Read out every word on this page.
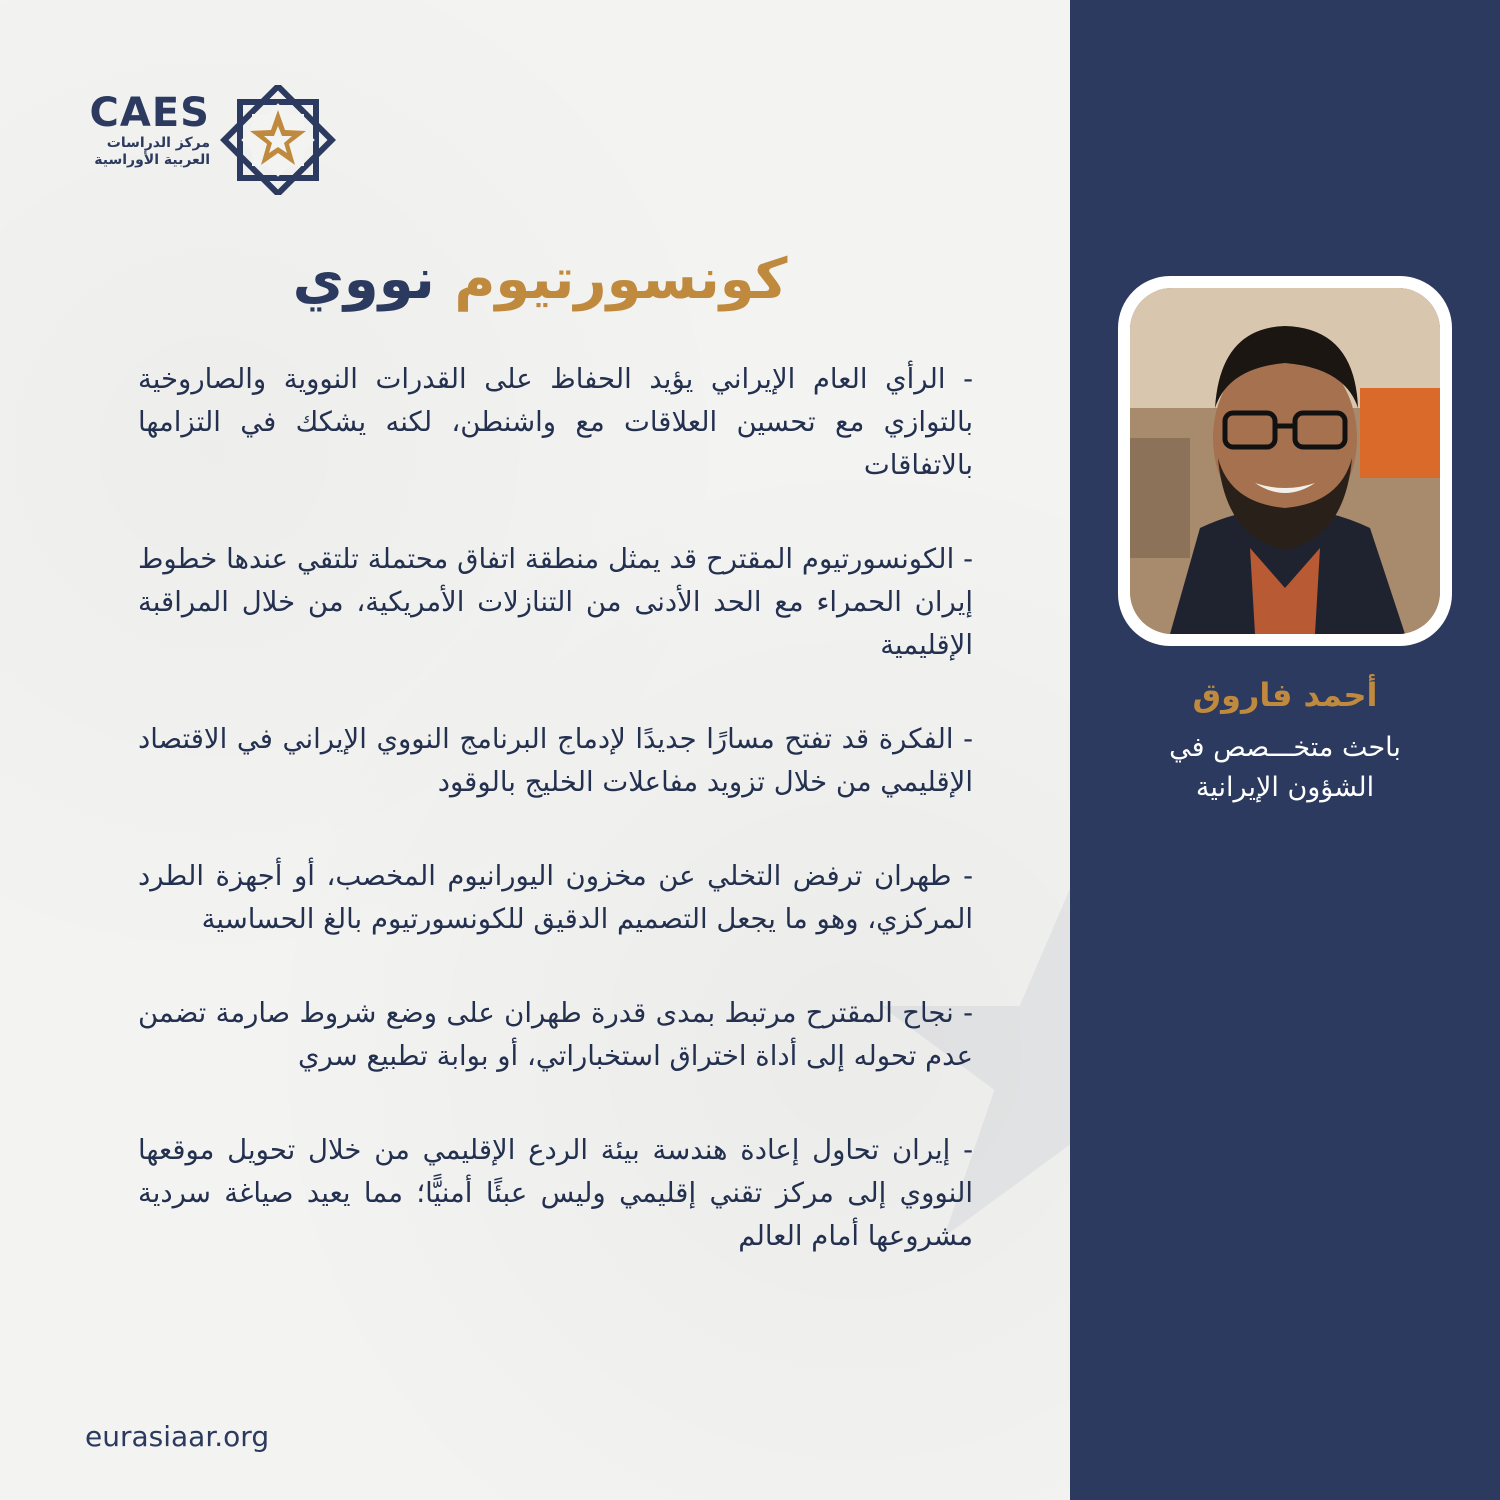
CAES
مركز الدراسات
العربية الأوراسية
كونسورتيوم نووي

- الرأي العام الإيراني يؤيد الحفاظ على القدرات النووية والصاروخية بالتوازي مع تحسين العلاقات مع واشنطن، لكنه يشكك في التزامها بالاتفاقات

- الكونسورتيوم المقترح قد يمثل منطقة اتفاق محتملة تلتقي عندها خطوط إيران الحمراء مع الحد الأدنى من التنازلات الأمريكية، من خلال المراقبة الإقليمية

- الفكرة قد تفتح مسارًا جديدًا لإدماج البرنامج النووي الإيراني في الاقتصاد الإقليمي من خلال تزويد مفاعلات الخليج بالوقود

- طهران ترفض التخلي عن مخزون اليورانيوم المخصب، أو أجهزة الطرد المركزي، وهو ما يجعل التصميم الدقيق للكونسورتيوم بالغ الحساسية

- نجاح المقترح مرتبط بمدى قدرة طهران على وضع شروط صارمة تضمن عدم تحوله إلى أداة اختراق استخباراتي، أو بوابة تطبيع سري

- إيران تحاول إعادة هندسة بيئة الردع الإقليمي من خلال تحويل موقعها النووي إلى مركز تقني إقليمي وليس عبئًا أمنيًّا؛ مما يعيد صياغة سردية مشروعها أمام العالم

eurasiaar.org
أحمد فاروق
باحث متخـــصص في
الشؤون الإيرانية
